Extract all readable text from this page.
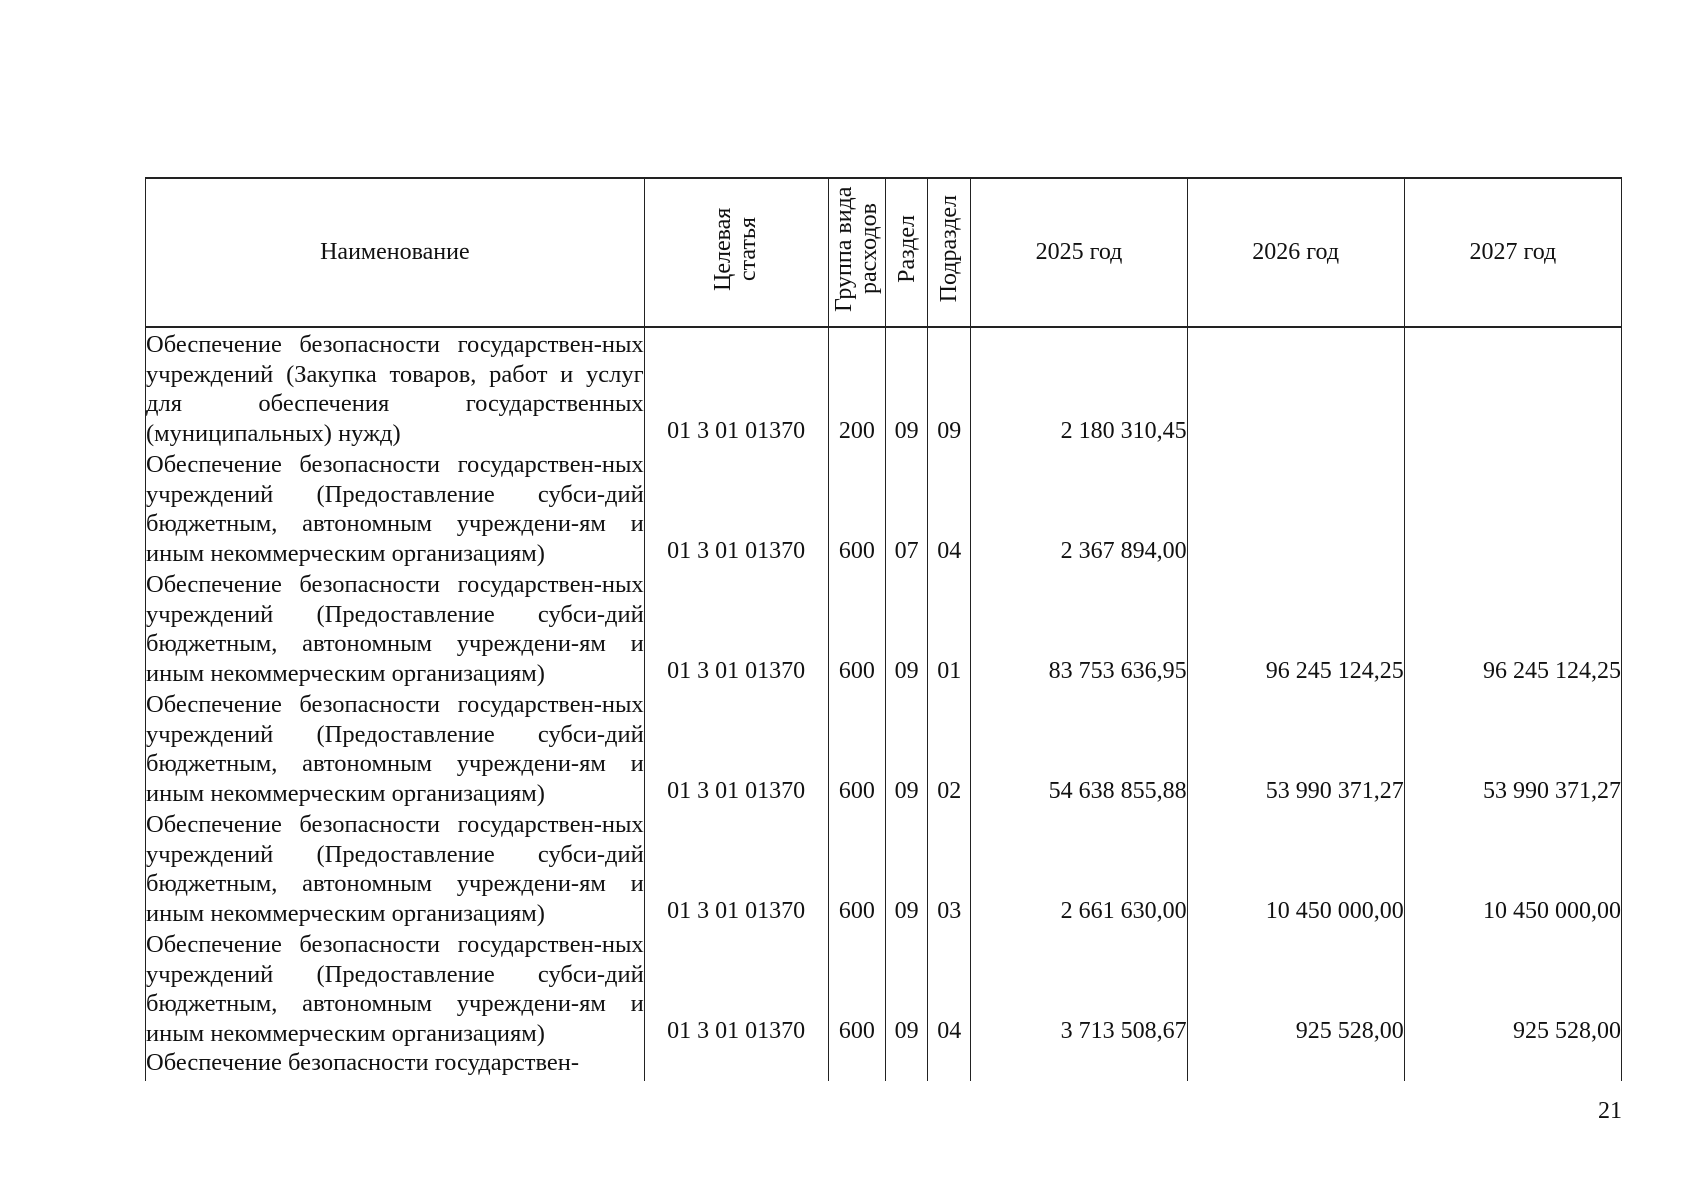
Наименование	Целевая статья	Группа вида расходов	Раздел	Подраздел	2025 год	2026 год	2027 год
Обеспечение безопасности государствен-ных учреждений (Закупка товаров, работ и услуг для обеспечения государственных (муниципальных) нужд)	01 3 01 01370	200	09	09	2 180 310,45		
Обеспечение безопасности государствен-ных учреждений (Предоставление субси-дий бюджетным, автономным учреждени-ям и иным некоммерческим организациям)	01 3 01 01370	600	07	04	2 367 894,00		
Обеспечение безопасности государствен-ных учреждений (Предоставление субси-дий бюджетным, автономным учреждени-ям и иным некоммерческим организациям)	01 3 01 01370	600	09	01	83 753 636,95	96 245 124,25	96 245 124,25
Обеспечение безопасности государствен-ных учреждений (Предоставление субси-дий бюджетным, автономным учреждени-ям и иным некоммерческим организациям)	01 3 01 01370	600	09	02	54 638 855,88	53 990 371,27	53 990 371,27
Обеспечение безопасности государствен-ных учреждений (Предоставление субси-дий бюджетным, автономным учреждени-ям и иным некоммерческим организациям)	01 3 01 01370	600	09	03	2 661 630,00	10 450 000,00	10 450 000,00
Обеспечение безопасности государствен-ных учреждений (Предоставление субси-дий бюджетным, автономным учреждени-ям и иным некоммерческим организациям)	01 3 01 01370	600	09	04	3 713 508,67	925 528,00	925 528,00
Обеспечение безопасности государствен-							
21
